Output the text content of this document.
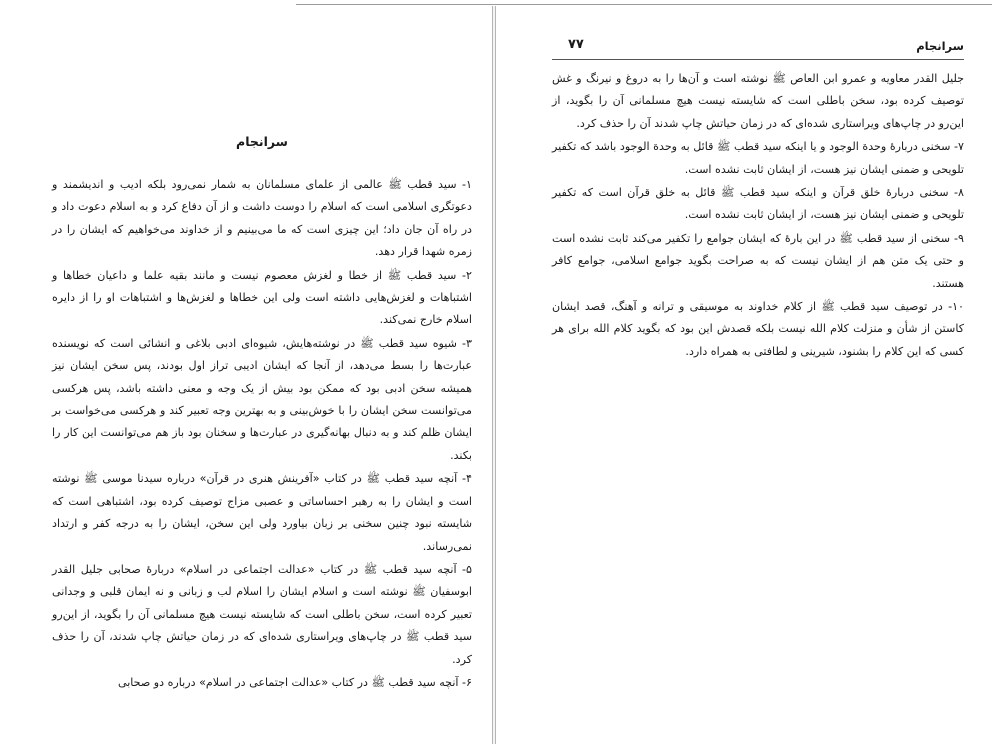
سرانجام

۱- سید قطب ﷺ عالمی از علمای مسلمانان به شمار نمی‌رود بلکه ادیب و اندیشمند و دعوتگری اسلامی است که اسلام را دوست داشت و از آن دفاع کرد و به اسلام دعوت داد و در راه آن جان داد؛ این چیزی است که ما می‌بینیم و از خداوند می‌خواهیم که ایشان را در زمره شهدا قرار دهد.

۲- سید قطب ﷺ از خطا و لغزش معصوم نیست و مانند بقیه علما و داعیان خطاها و اشتباهات و لغزش‌هایی داشته است ولی این خطاها و لغزش‌ها و اشتباهات او را از دایره اسلام خارج نمی‌کند.

۳- شیوه سید قطب ﷺ در نوشته‌هایش، شیوه‌ای ادبی بلاغی و انشائی است که نویسنده عبارت‌ها را بسط می‌دهد، از آنجا که ایشان ادیبی تراز اول بودند، پس سخن ایشان نیز همیشه سخن ادبی بود که ممکن بود بیش از یک وجه و معنی داشته باشد، پس هرکسی می‌توانست سخن ایشان را با خوش‌بینی و به بهترین وجه تعبیر کند و هرکسی می‌خواست بر ایشان ظلم کند و به دنبال بهانه‌گیری در عبارت‌ها و سخنان بود باز هم می‌توانست این کار را بکند.

۴- آنچه سید قطب ﷺ در کتاب «آفرینش هنری در قرآن» درباره سیدنا موسی ﷺ نوشته است و ایشان را به رهبر احساساتی و عصبی مزاج توصیف کرده بود، اشتباهی است که شایسته نبود چنین سخنی بر زبان بیاورد ولی این سخن، ایشان را به درجه کفر و ارتداد نمی‌رساند.

۵- آنچه سید قطب ﷺ در کتاب «عدالت اجتماعی در اسلام» دربارهٔ صحابی جلیل القدر ابوسفیان ﷺ نوشته است و اسلام ایشان را اسلام لب و زبانی و نه ایمان قلبی و وجدانی تعبیر کرده است، سخن باطلی است که شایسته نیست هیچ مسلمانی آن را بگوید، از این‌رو سید قطب ﷺ در چاپ‌های ویراستاری شده‌ای که در زمان حیاتش چاپ شدند، آن را حذف کرد.

۶- آنچه سید قطب ﷺ در کتاب «عدالت اجتماعی در اسلام» درباره دو صحابی

سرانجام
۷۷

جلیل القدر معاویه و عمرو ابن العاص ﷺ نوشته است و آن‌ها را به دروغ و نیرنگ و غش توصیف کرده بود، سخن باطلی است که شایسته نیست هیچ مسلمانی آن را بگوید، از این‌رو در چاپ‌های ویراستاری شده‌ای که در زمان حیاتش چاپ شدند آن را حذف کرد.

۷- سخنی دربارهٔ وحدة الوجود و یا اینکه سید قطب ﷺ قائل به وحدة الوجود باشد که تکفیر تلویحی و ضمنی ایشان نیز هست، از ایشان ثابت نشده است.

۸- سخنی دربارهٔ خلق قرآن و اینکه سید قطب ﷺ قائل به خلق قرآن است که تکفیر تلویحی و ضمنی ایشان نیز هست، از ایشان ثابت نشده است.

۹- سخنی از سید قطب ﷺ در این بارهٔ که ایشان جوامع را تکفیر می‌کند ثابت نشده است و حتی یک متن هم از ایشان نیست که به صراحت بگوید جوامع اسلامی، جوامع کافر هستند.

۱۰- در توصیف سید قطب ﷺ از کلام خداوند به موسیقی و ترانه و آهنگ، قصد ایشان کاستن از شأن و منزلت کلام الله نیست بلکه قصدش این بود که بگوید کلام الله برای هر کسی که این کلام را بشنود، شیرینی و لطافتی به همراه دارد.
